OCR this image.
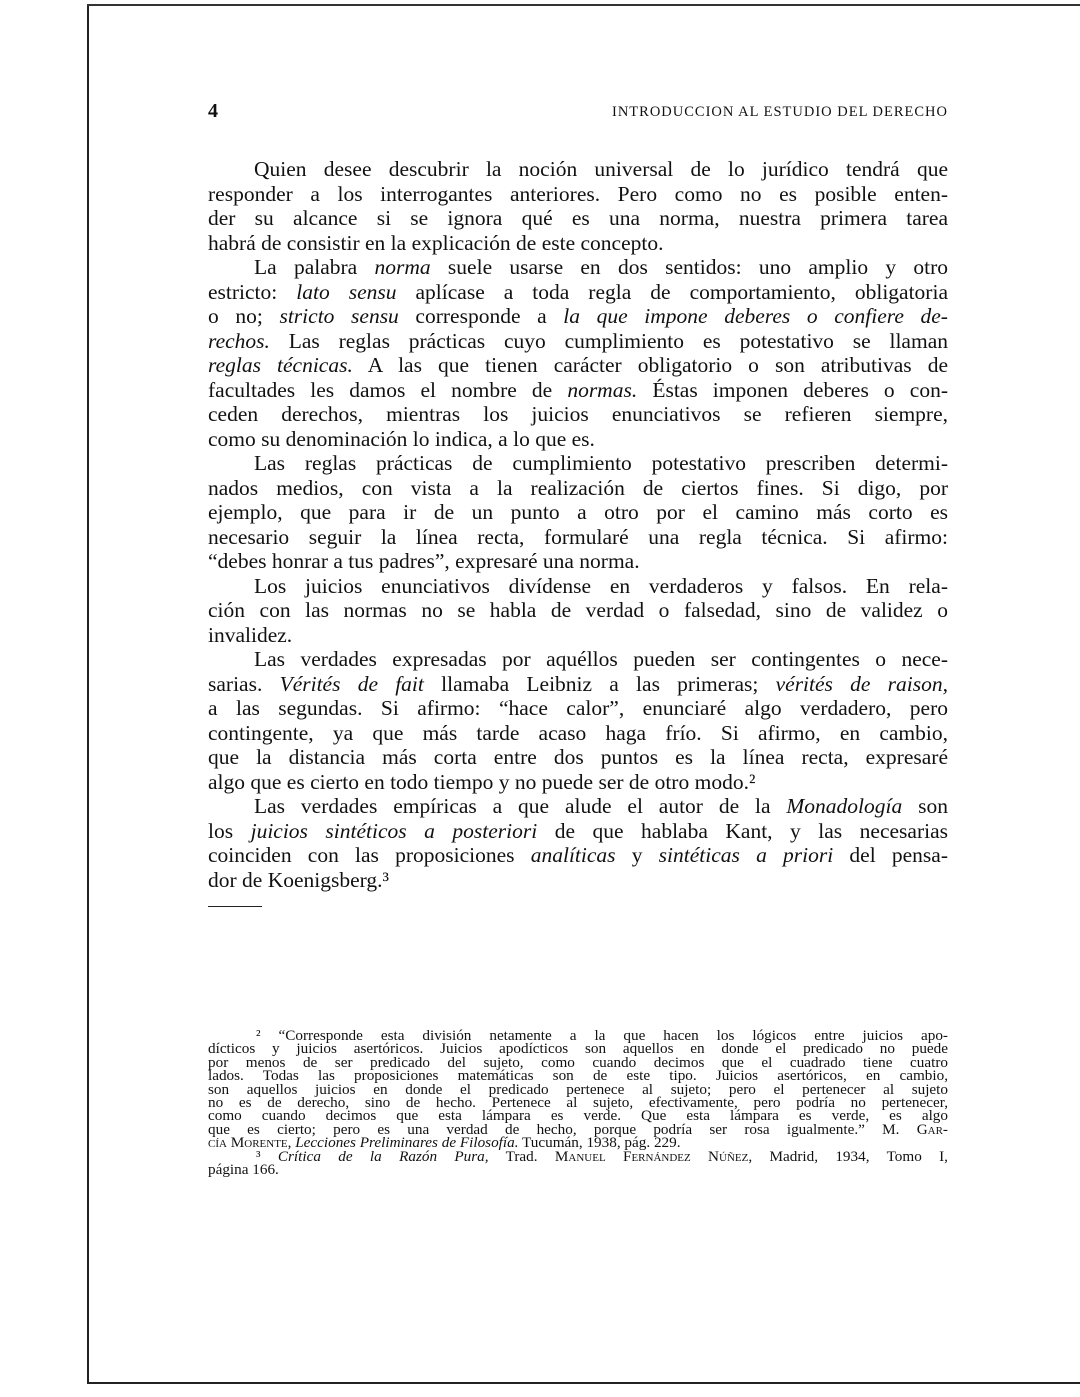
4	INTRODUCCION AL ESTUDIO DEL DERECHO
Quien desee descubrir la noción universal de lo jurídico tendrá que
responder a los interrogantes anteriores. Pero como no es posible enten-
der su alcance si se ignora qué es una norma, nuestra primera tarea
habrá de consistir en la explicación de este concepto.
La palabra norma suele usarse en dos sentidos: uno amplio y otro
estricto: lato sensu aplícase a toda regla de comportamiento, obligatoria
o no; stricto sensu corresponde a la que impone deberes o confiere de-
rechos. Las reglas prácticas cuyo cumplimiento es potestativo se llaman
reglas técnicas. A las que tienen carácter obligatorio o son atributivas de
facultades les damos el nombre de normas. Éstas imponen deberes o con-
ceden derechos, mientras los juicios enunciativos se refieren siempre,
como su denominación lo indica, a lo que es.
Las reglas prácticas de cumplimiento potestativo prescriben determi-
nados medios, con vista a la realización de ciertos fines. Si digo, por
ejemplo, que para ir de un punto a otro por el camino más corto es
necesario seguir la línea recta, formularé una regla técnica. Si afirmo:
“debes honrar a tus padres”, expresaré una norma.
Los juicios enunciativos divídense en verdaderos y falsos. En rela-
ción con las normas no se habla de verdad o falsedad, sino de validez o
invalidez.
Las verdades expresadas por aquéllos pueden ser contingentes o nece-
sarias. Vérités de fait llamaba Leibniz a las primeras; vérités de raison,
a las segundas. Si afirmo: “hace calor”, enunciaré algo verdadero, pero
contingente, ya que más tarde acaso haga frío. Si afirmo, en cambio,
que la distancia más corta entre dos puntos es la línea recta, expresaré
algo que es cierto en todo tiempo y no puede ser de otro modo.²
Las verdades empíricas a que alude el autor de la Monadología son
los juicios sintéticos a posteriori de que hablaba Kant, y las necesarias
coinciden con las proposiciones analíticas y sintéticas a priori del pensa-
dor de Koenigsberg.³
² “Corresponde esta división netamente a la que hacen los lógicos entre juicios apo-
dícticos y juicios asertóricos. Juicios apodícticos son aquellos en donde el predicado no puede
por menos de ser predicado del sujeto, como cuando decimos que el cuadrado tiene cuatro
lados. Todas las proposiciones matemáticas son de este tipo. Juicios asertóricos, en cambio,
son aquellos juicios en donde el predicado pertenece al sujeto; pero el pertenecer al sujeto
no es de derecho, sino de hecho. Pertenece al sujeto, efectivamente, pero podría no pertenecer,
como cuando decimos que esta lámpara es verde. Que esta lámpara es verde, es algo
que es cierto; pero es una verdad de hecho, porque podría ser rosa igualmente.” M. Gar-
cía Morente, Lecciones Preliminares de Filosofía. Tucumán, 1938, pág. 229.
³ Crítica de la Razón Pura, Trad. Manuel Fernández Núñez, Madrid, 1934, Tomo I,
página 166.
